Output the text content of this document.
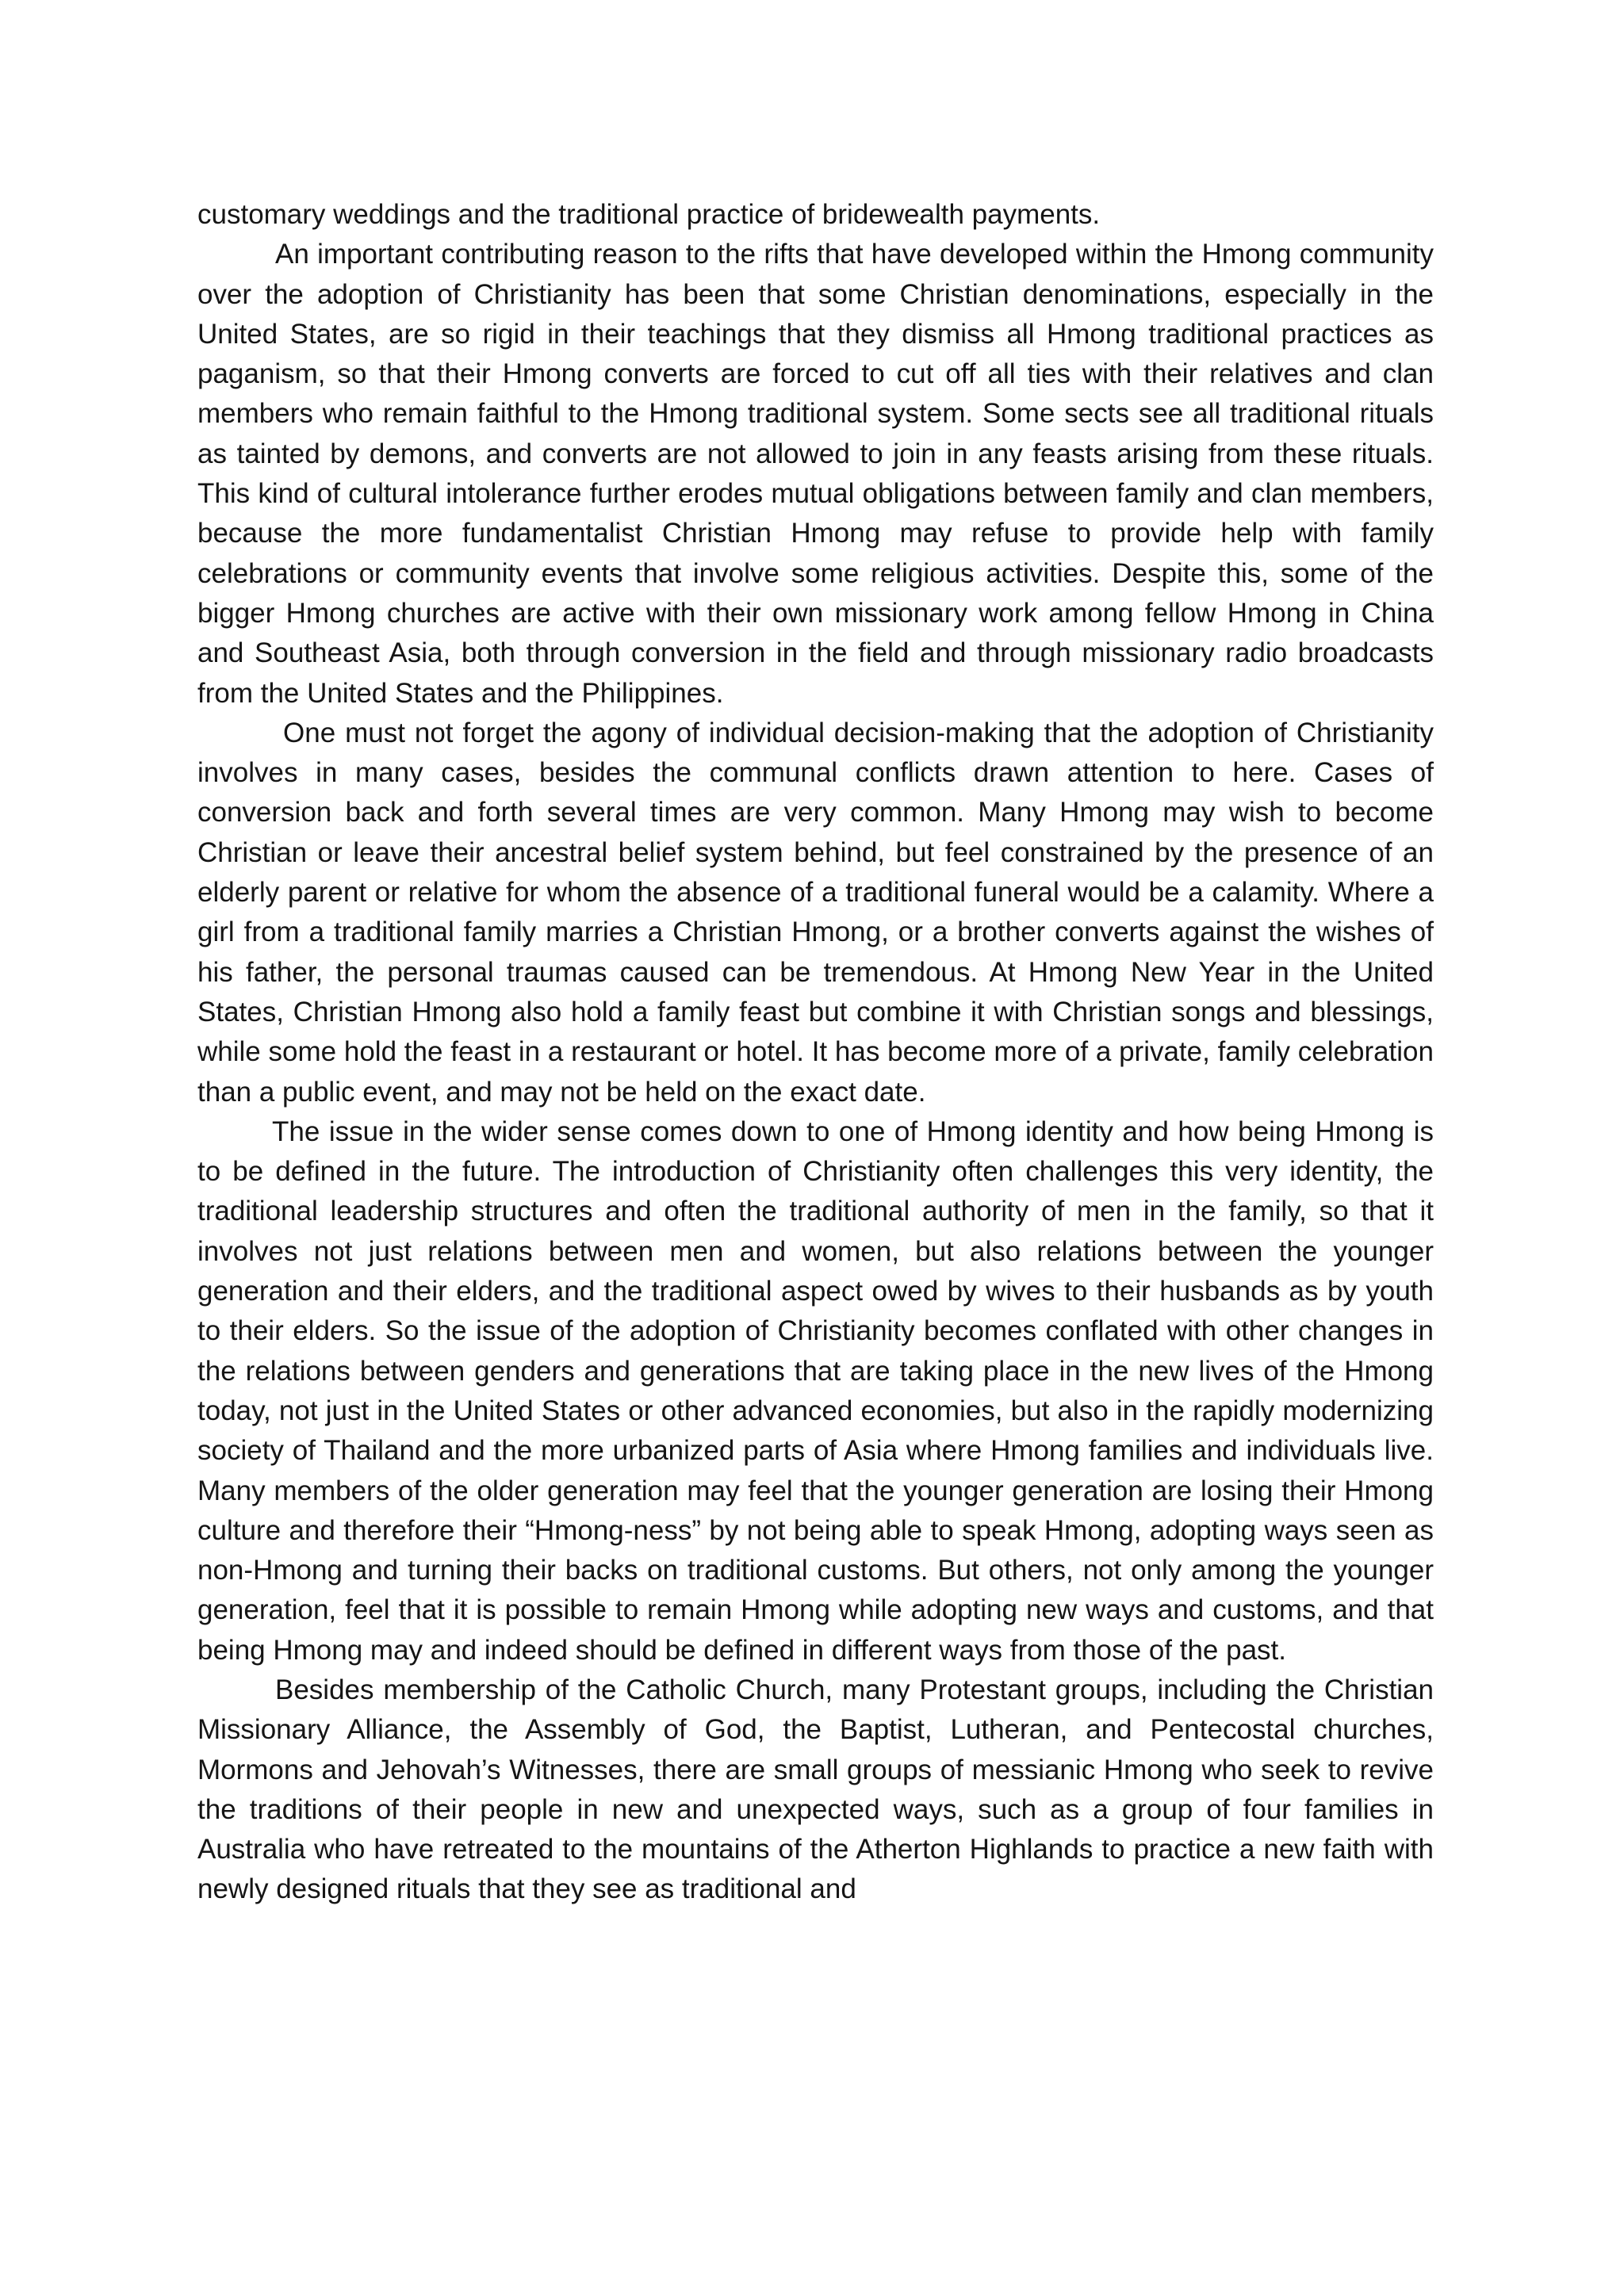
customary weddings and the traditional practice of bridewealth payments.

An important contributing reason to the rifts that have developed within the Hmong community over the adoption of Christianity has been that some Christian denominations, especially in the United States, are so rigid in their teachings that they dismiss all Hmong traditional practices as paganism, so that their Hmong converts are forced to cut off all ties with their relatives and clan members who remain faithful to the Hmong traditional system. Some sects see all traditional rituals as tainted by demons, and converts are not allowed to join in any feasts arising from these rituals. This kind of cultural intolerance further erodes mutual obligations between family and clan members, because the more fundamentalist Christian Hmong may refuse to provide help with family celebrations or community events that involve some religious activities. Despite this, some of the bigger Hmong churches are active with their own missionary work among fellow Hmong in China and Southeast Asia, both through conversion in the field and through missionary radio broadcasts from the United States and the Philippines.

One must not forget the agony of individual decision-making that the adoption of Christianity involves in many cases, besides the communal conflicts drawn attention to here. Cases of conversion back and forth several times are very common. Many Hmong may wish to become Christian or leave their ancestral belief system behind, but feel constrained by the presence of an elderly parent or relative for whom the absence of a traditional funeral would be a calamity. Where a girl from a traditional family marries a Christian Hmong, or a brother converts against the wishes of his father, the personal traumas caused can be tremendous. At Hmong New Year in the United States, Christian Hmong also hold a family feast but combine it with Christian songs and blessings, while some hold the feast in a restaurant or hotel. It has become more of a private, family celebration than a public event, and may not be held on the exact date.

The issue in the wider sense comes down to one of Hmong identity and how being Hmong is to be defined in the future. The introduction of Christianity often challenges this very identity, the traditional leadership structures and often the traditional authority of men in the family, so that it involves not just relations between men and women, but also relations between the younger generation and their elders, and the traditional aspect owed by wives to their husbands as by youth to their elders. So the issue of the adoption of Christianity becomes conflated with other changes in the relations between genders and generations that are taking place in the new lives of the Hmong today, not just in the United States or other advanced economies, but also in the rapidly modernizing society of Thailand and the more urbanized parts of Asia where Hmong families and individuals live. Many members of the older generation may feel that the younger generation are losing their Hmong culture and therefore their “Hmong-ness” by not being able to speak Hmong, adopting ways seen as non-Hmong and turning their backs on traditional customs. But others, not only among the younger generation, feel that it is possible to remain Hmong while adopting new ways and customs, and that being Hmong may and indeed should be defined in different ways from those of the past.

Besides membership of the Catholic Church, many Protestant groups, including the Christian Missionary Alliance, the Assembly of God, the Baptist, Lutheran, and Pentecostal churches, Mormons and Jehovah’s Witnesses, there are small groups of messianic Hmong who seek to revive the traditions of their people in new and unexpected ways, such as a group of four families in Australia who have retreated to the mountains of the Atherton Highlands to practice a new faith with newly designed rituals that they see as traditional and
